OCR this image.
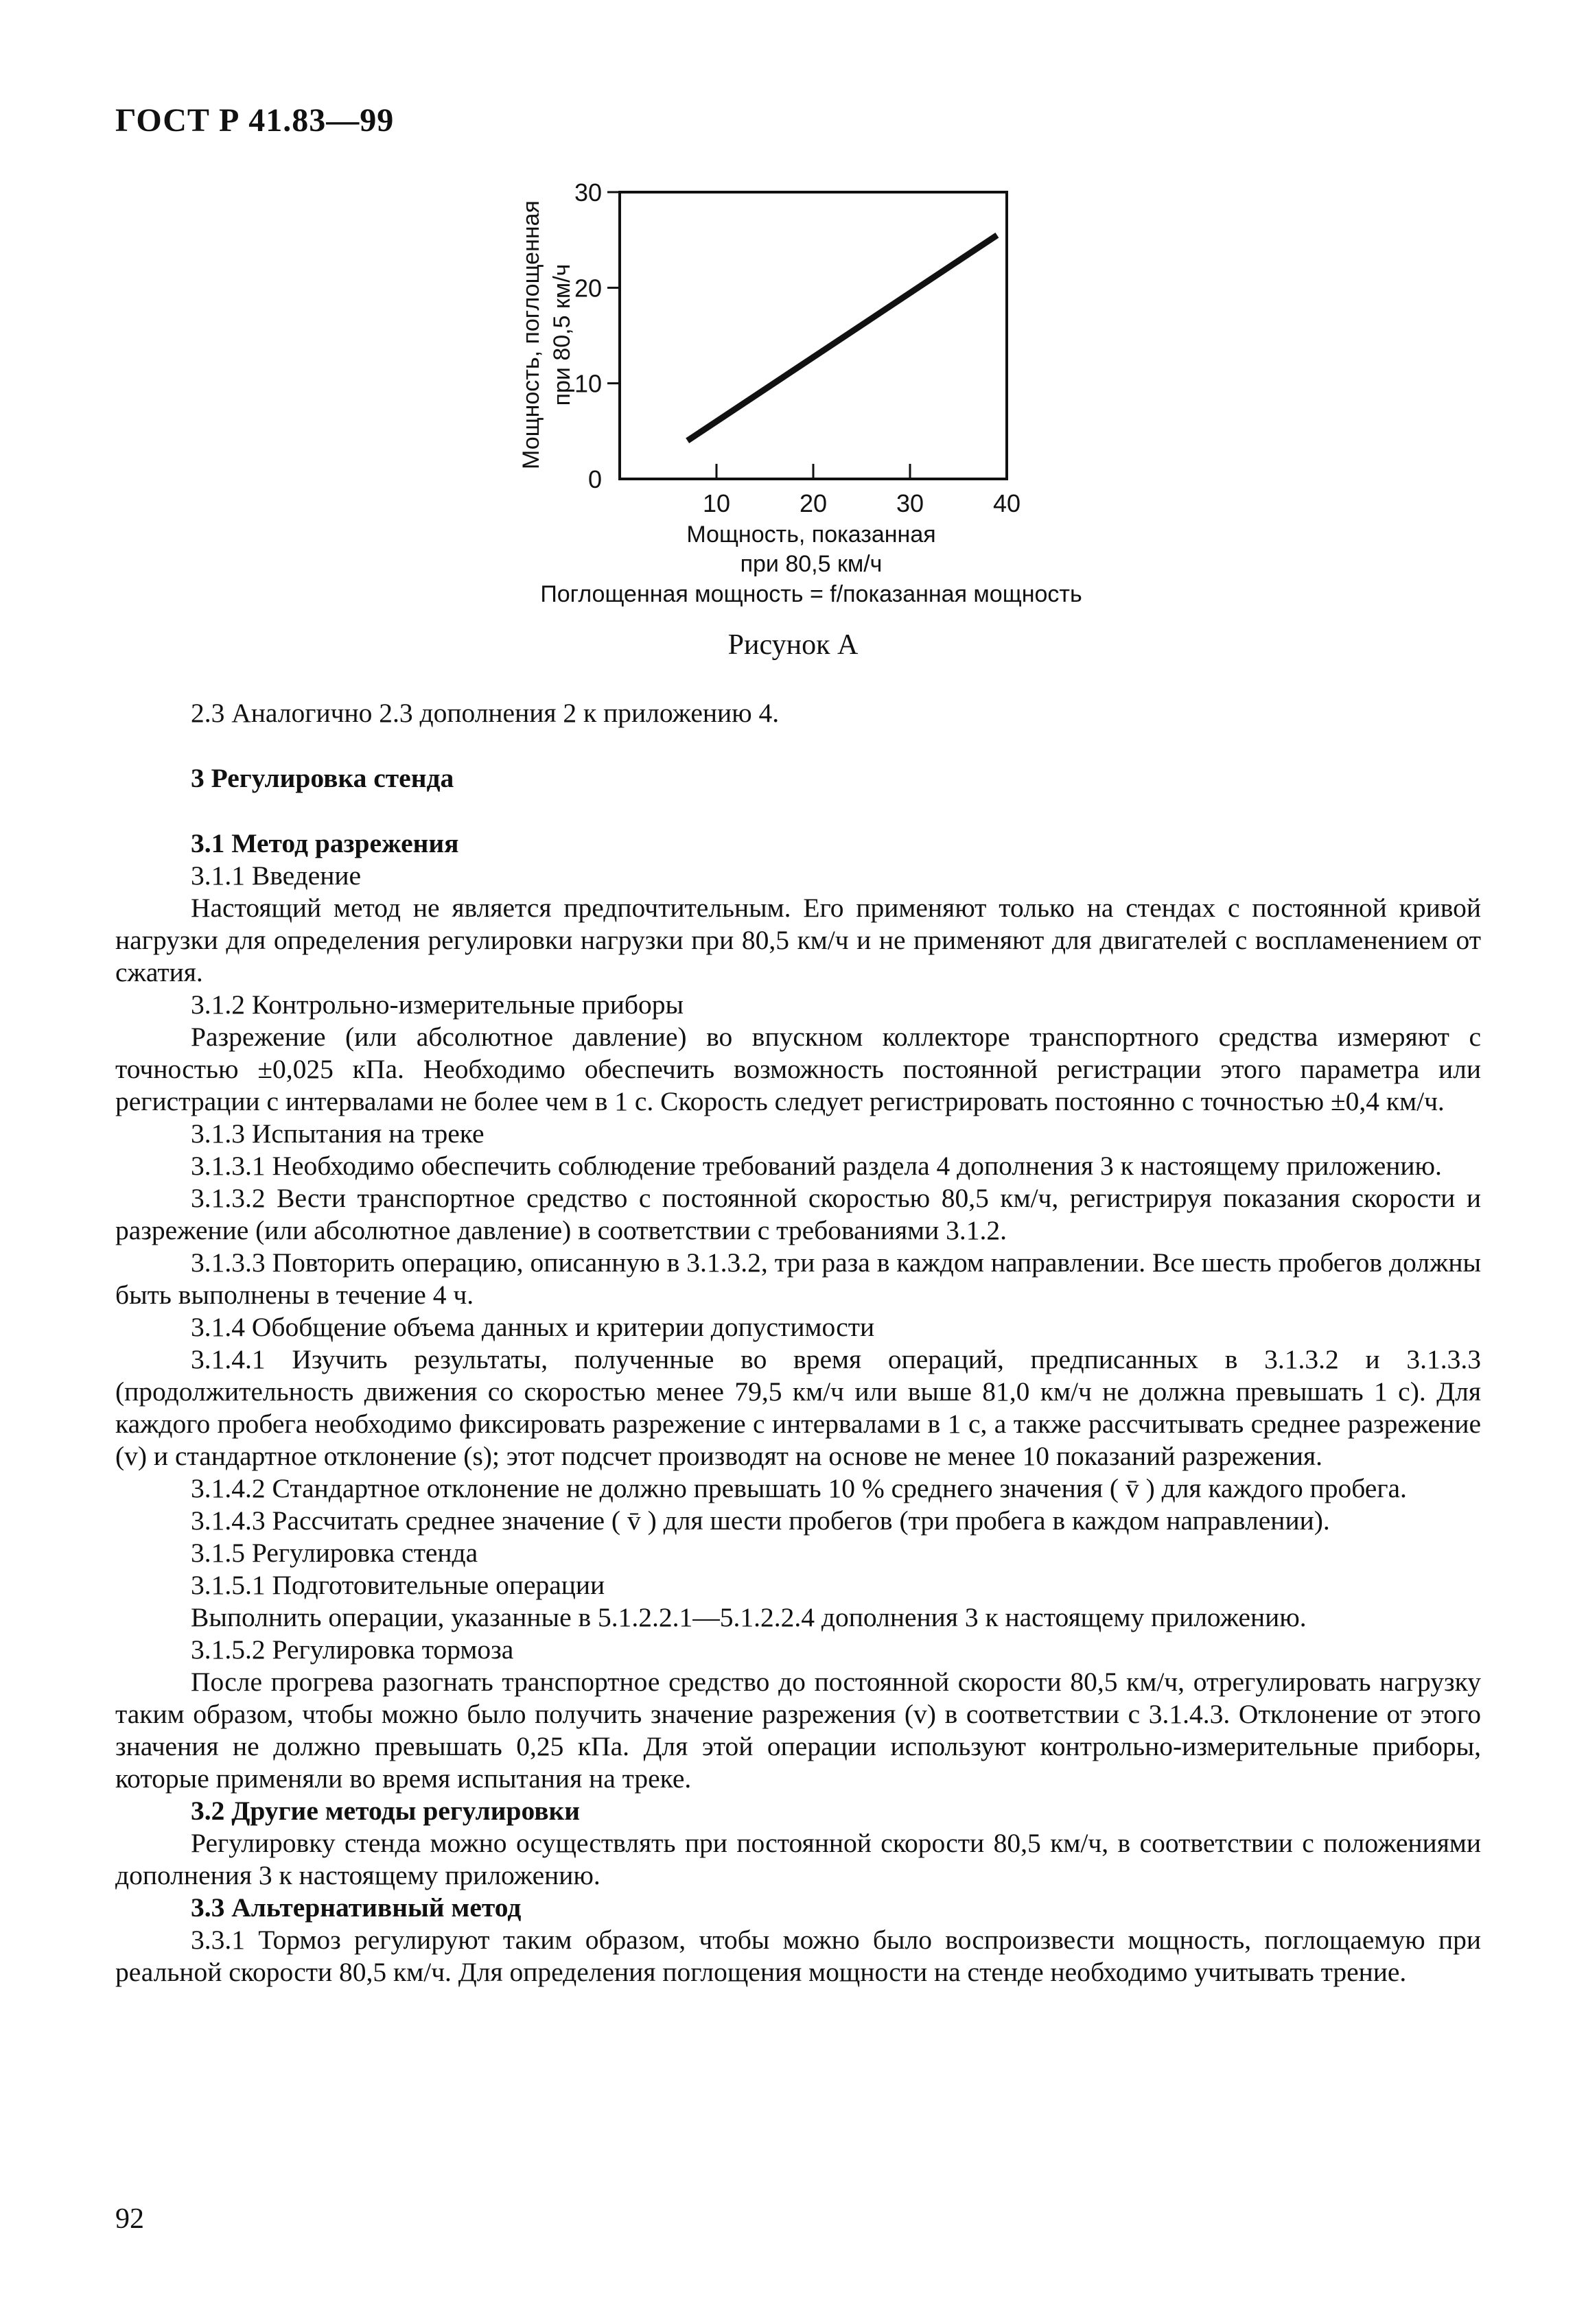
ГОСТ Р 41.83—99
0
10
20
30
10	20	30	40
Мощность, поглощенная при 80,5 км/ч
Мощность, показанная
при 80,5 км/ч
Поглощенная мощность = f/показанная мощность
Рисунок А

2.3 Аналогично 2.3 дополнения 2 к приложению 4.

3 Регулировка стенда

3.1 Метод разрежения

3.1.1 Введение

Настоящий метод не является предпочтительным. Его применяют только на стендах с постоянной кривой нагрузки для определения регулировки нагрузки при 80,5 км/ч и не применяют для двигателей с воспламенением от сжатия.

3.1.2 Контрольно-измерительные приборы

Разрежение (или абсолютное давление) во впускном коллекторе транспортного средства измеряют с точностью ±0,025 кПа. Необходимо обеспечить возможность постоянной регистрации этого параметра или регистрации с интервалами не более чем в 1 с. Скорость следует регистрировать постоянно с точностью ±0,4 км/ч.

3.1.3 Испытания на треке

3.1.3.1 Необходимо обеспечить соблюдение требований раздела 4 дополнения 3 к настоящему приложению.

3.1.3.2 Вести транспортное средство с постоянной скоростью 80,5 км/ч, регистрируя показания скорости и разрежение (или абсолютное давление) в соответствии с требованиями 3.1.2.

3.1.3.3 Повторить операцию, описанную в 3.1.3.2, три раза в каждом направлении. Все шесть пробегов должны быть выполнены в течение 4 ч.

3.1.4 Обобщение объема данных и критерии допустимости

3.1.4.1 Изучить результаты, полученные во время операций, предписанных в 3.1.3.2 и 3.1.3.3 (продолжительность движения со скоростью менее 79,5 км/ч или выше 81,0 км/ч не должна превышать 1 с). Для каждого пробега необходимо фиксировать разрежение с интервалами в 1 с, а также рассчитывать среднее разрежение (v) и стандартное отклонение (s); этот подсчет производят на основе не менее 10 показаний разрежения.

3.1.4.2 Стандартное отклонение не должно превышать 10 % среднего значения ( v̄ ) для каждого пробега.

3.1.4.3 Рассчитать среднее значение ( v̄ ) для шести пробегов (три пробега в каждом направлении).

3.1.5 Регулировка стенда

3.1.5.1 Подготовительные операции

Выполнить операции, указанные в 5.1.2.2.1—5.1.2.2.4 дополнения 3 к настоящему приложению.

3.1.5.2 Регулировка тормоза

После прогрева разогнать транспортное средство до постоянной скорости 80,5 км/ч, отрегулировать нагрузку таким образом, чтобы можно было получить значение разрежения (v) в соответствии с 3.1.4.3. Отклонение от этого значения не должно превышать 0,25 кПа. Для этой операции используют контрольно-измерительные приборы, которые применяли во время испытания на треке.

3.2 Другие методы регулировки

Регулировку стенда можно осуществлять при постоянной скорости 80,5 км/ч, в соответствии с положениями дополнения 3 к настоящему приложению.

3.3 Альтернативный метод

3.3.1 Тормоз регулируют таким образом, чтобы можно было воспроизвести мощность, поглощаемую при реальной скорости 80,5 км/ч. Для определения поглощения мощности на стенде необходимо учитывать трение.

92
